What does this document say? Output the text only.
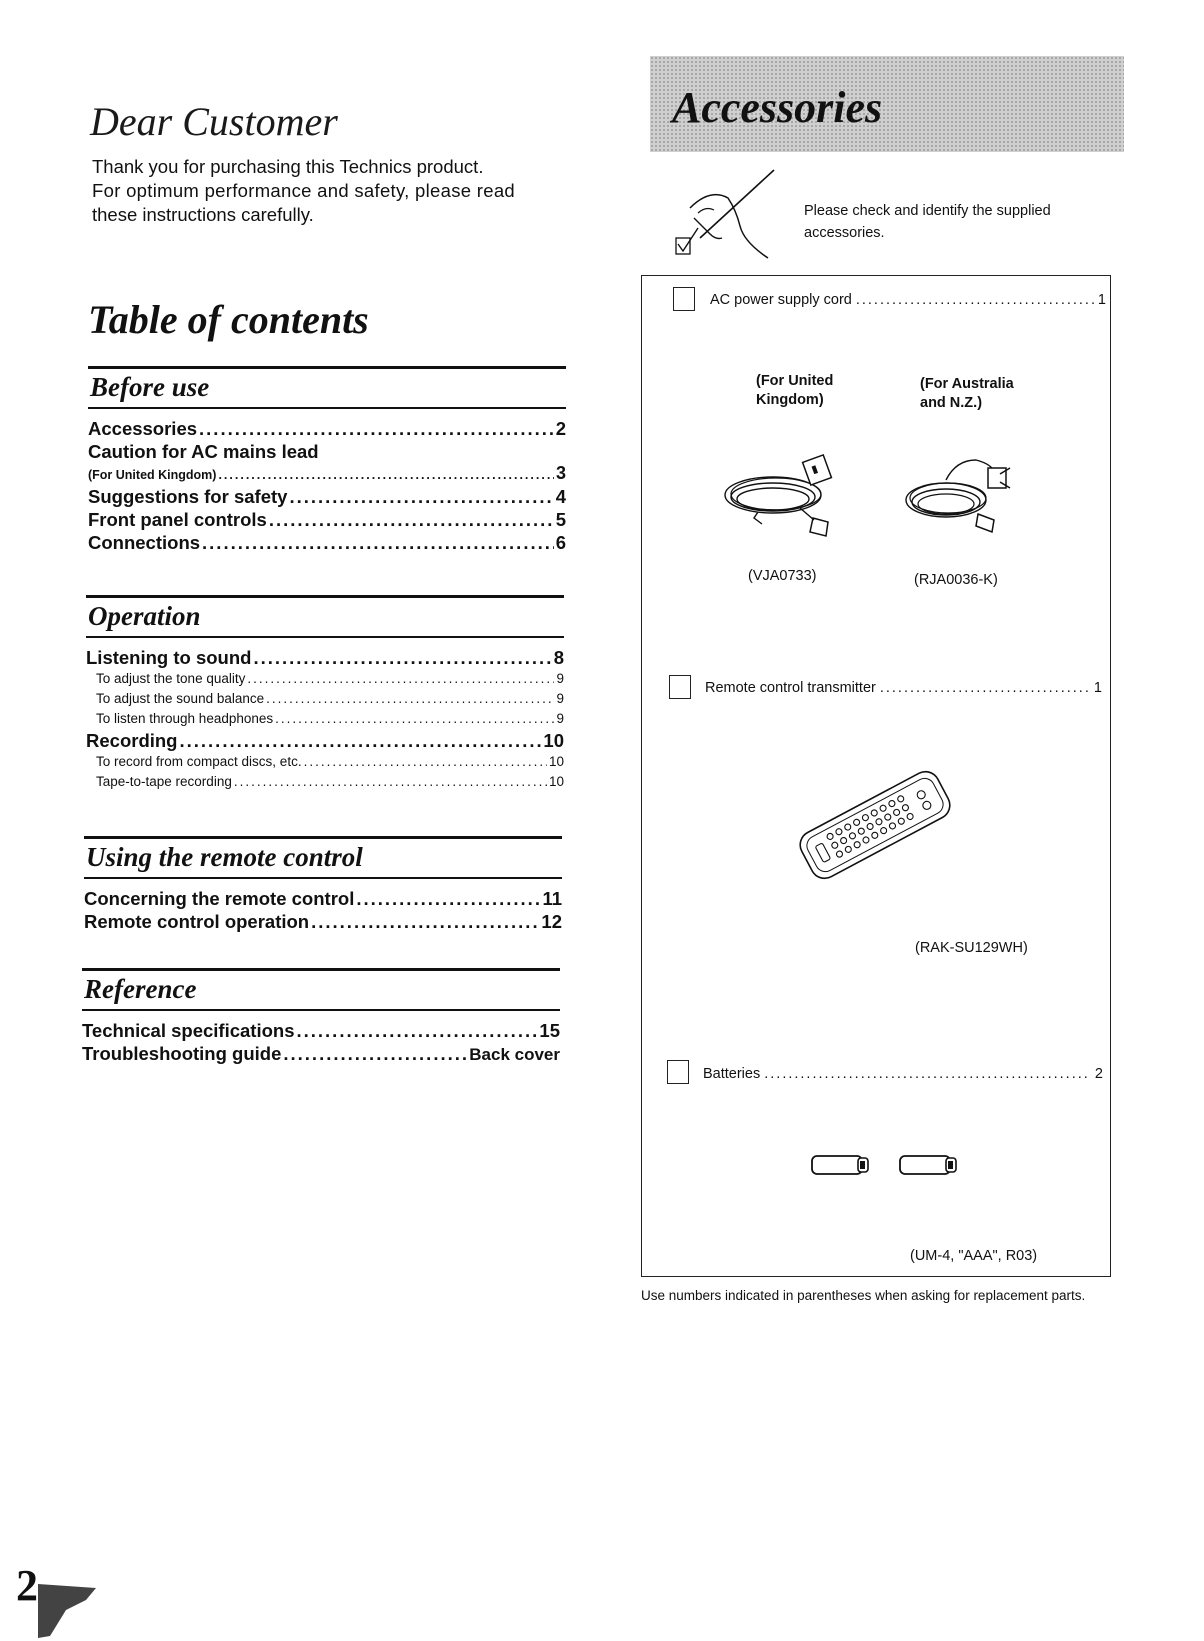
Dear Customer
Thank you for purchasing this Technics product.
For optimum performance and safety, please read
these instructions carefully.
Table of contents
Before use
Accessories .....	2
Caution for AC mains lead
(For United Kingdom) .....	3
Suggestions for safety .....	4
Front panel controls .....	5
Connections .....	6
Operation
Listening to sound .....	8
To adjust the tone quality .....	9
To adjust the sound balance .....	9
To listen through headphones .....	9
Recording .....	10
To record from compact discs, etc. .....	10
Tape-to-tape recording .....	10
Using the remote control
Concerning the remote control .....	11
Remote control operation .....	12
Reference
Technical specifications .....	15
Troubleshooting guide .....	Back cover
Accessories
Please check and identify the supplied accessories.
AC power supply cord .....	1
(For United Kingdom)
(For Australia and N.Z.)
(VJA0733)	(RJA0036-K)
Remote control transmitter .....	1
(RAK-SU129WH)
Batteries .....	2
(UM-4, "AAA", R03)
Use numbers indicated in parentheses when asking for replacement parts.
2
